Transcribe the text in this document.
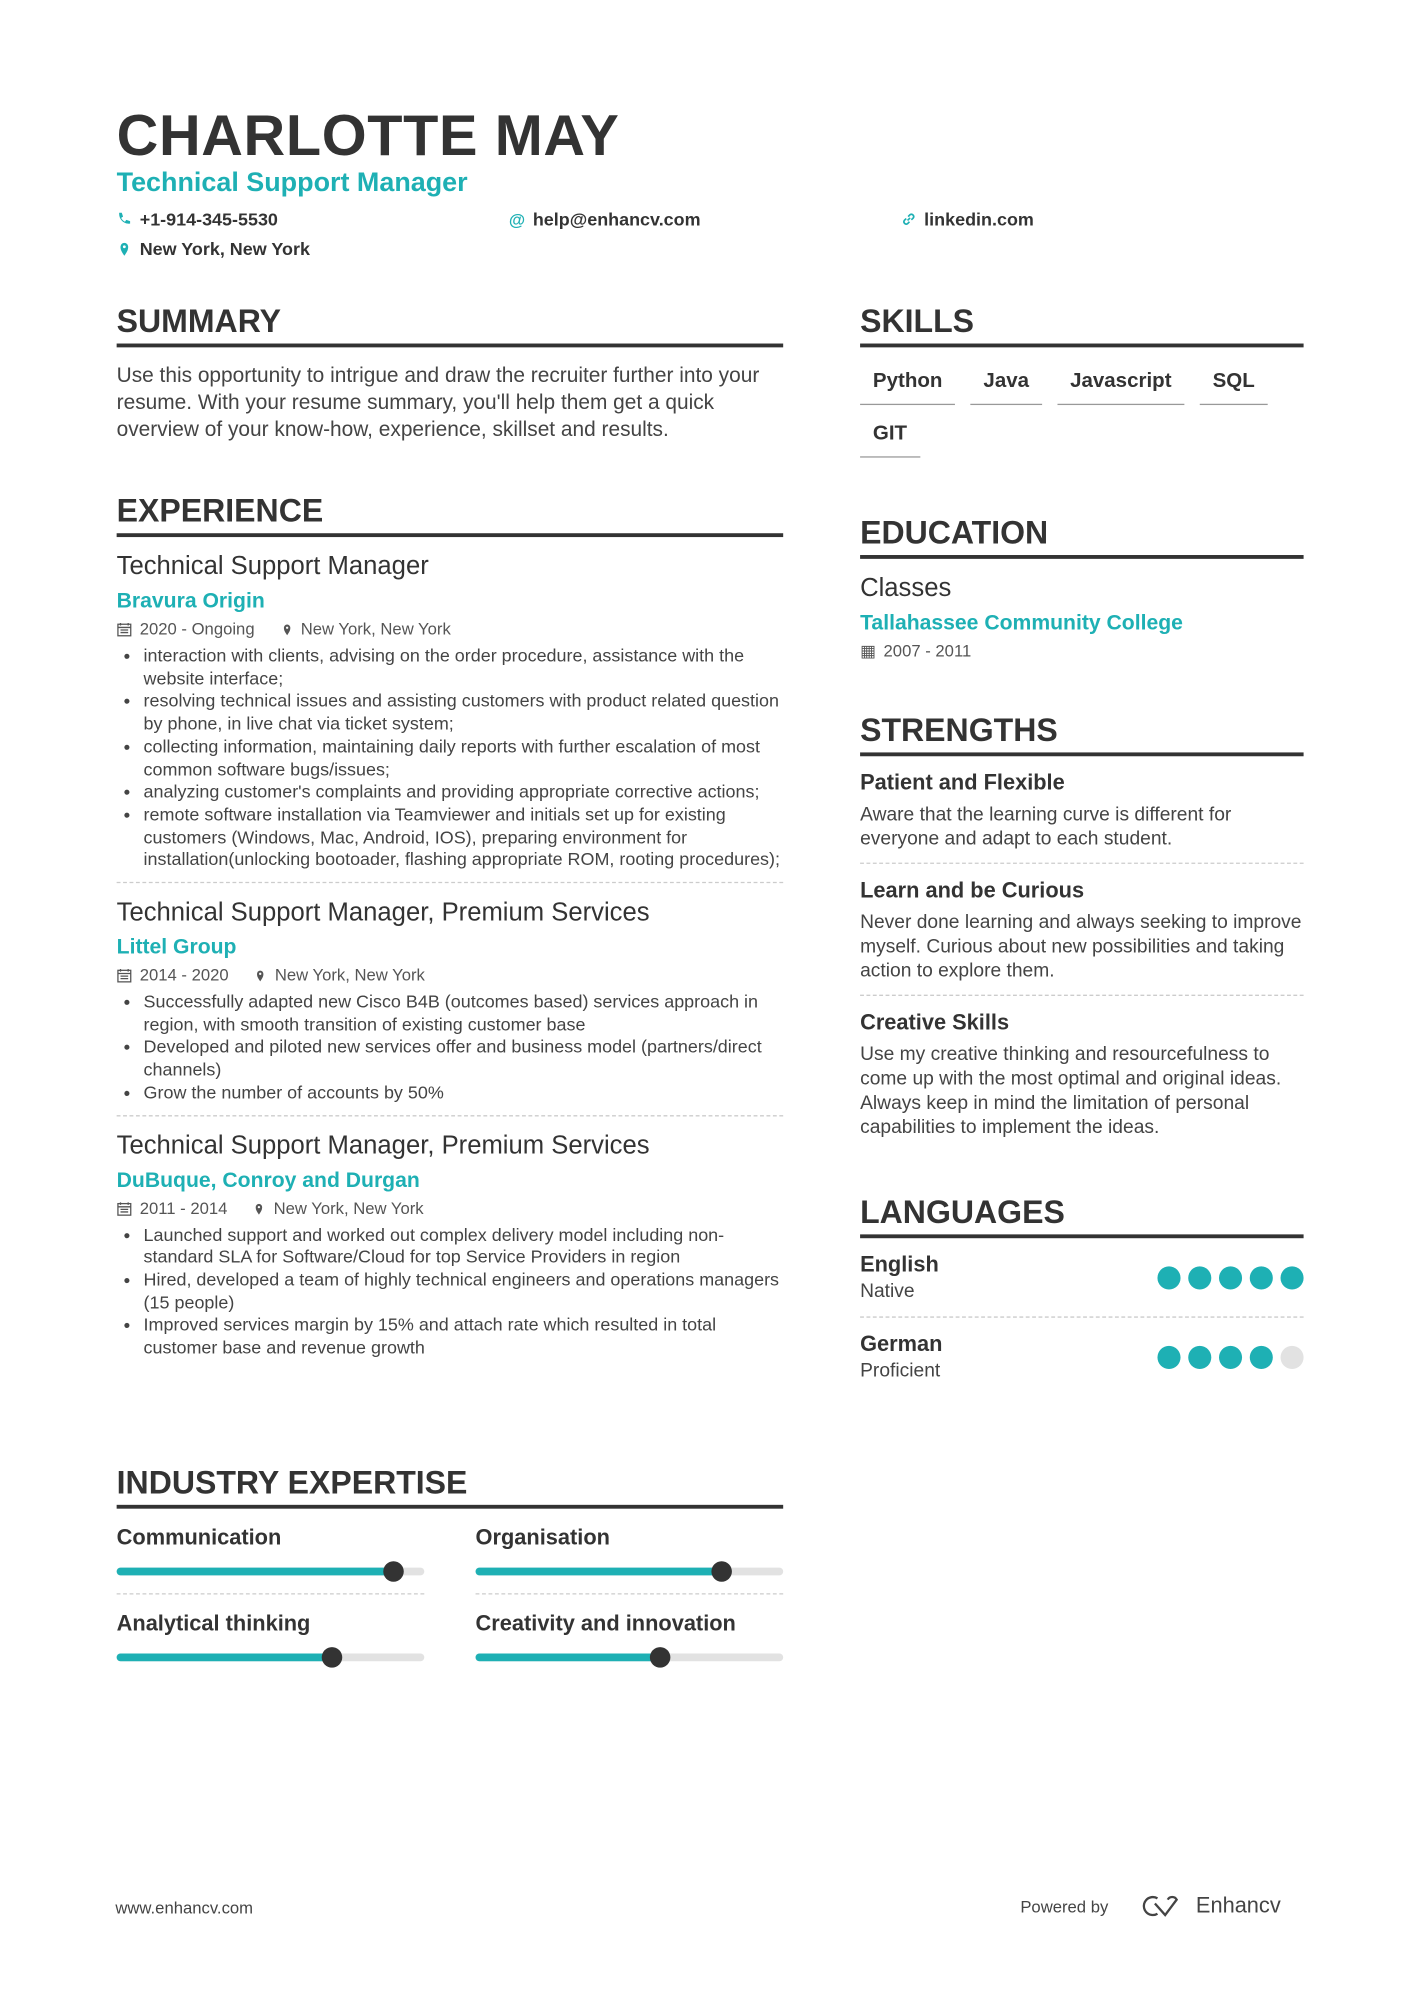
CHARLOTTE MAY
Technical Support Manager
+1-914-345-5530	@ help@enhancv.com	linkedin.com
New York, New York
SUMMARY
Use this opportunity to intrigue and draw the recruiter further into your resume. With your resume summary, you'll help them get a quick overview of your know-how, experience, skillset and results.
EXPERIENCE
Technical Support Manager
Bravura Origin
2020 - Ongoing	New York, New York
• interaction with clients, advising on the order procedure, assistance with the website interface;
• resolving technical issues and assisting customers with product related question by phone, in live chat via ticket system;
• collecting information, maintaining daily reports with further escalation of most common software bugs/issues;
• analyzing customer's complaints and providing appropriate corrective actions;
• remote software installation via Teamviewer and initials set up for existing customers (Windows, Mac, Android, IOS), preparing environment for installation(unlocking bootoader, flashing appropriate ROM, rooting procedures);
Technical Support Manager, Premium Services
Littel Group
2014 - 2020	New York, New York
• Successfully adapted new Cisco B4B (outcomes based) services approach in region, with smooth transition of existing customer base
• Developed and piloted new services offer and business model (partners/direct channels)
• Grow the number of accounts by 50%
Technical Support Manager, Premium Services
DuBuque, Conroy and Durgan
2011 - 2014	New York, New York
• Launched support and worked out complex delivery model including non-standard SLA for Software/Cloud for top Service Providers in region
• Hired, developed a team of highly technical engineers and operations managers (15 people)
• Improved services margin by 15% and attach rate which resulted in total customer base and revenue growth
INDUSTRY EXPERTISE
Communication	Organisation
Analytical thinking	Creativity and innovation
SKILLS
Python	Java	Javascript	SQL
GIT
EDUCATION
Classes
Tallahassee Community College
▦ 2007 - 2011
STRENGTHS
Patient and Flexible
Aware that the learning curve is different for everyone and adapt to each student.
Learn and be Curious
Never done learning and always seeking to improve myself. Curious about new possibilities and taking action to explore them.
Creative Skills
Use my creative thinking and resourcefulness to come up with the most optimal and original ideas. Always keep in mind the limitation of personal capabilities to implement the ideas.
LANGUAGES
English
Native
German
Proficient
www.enhancv.com	Powered by	Enhancv
